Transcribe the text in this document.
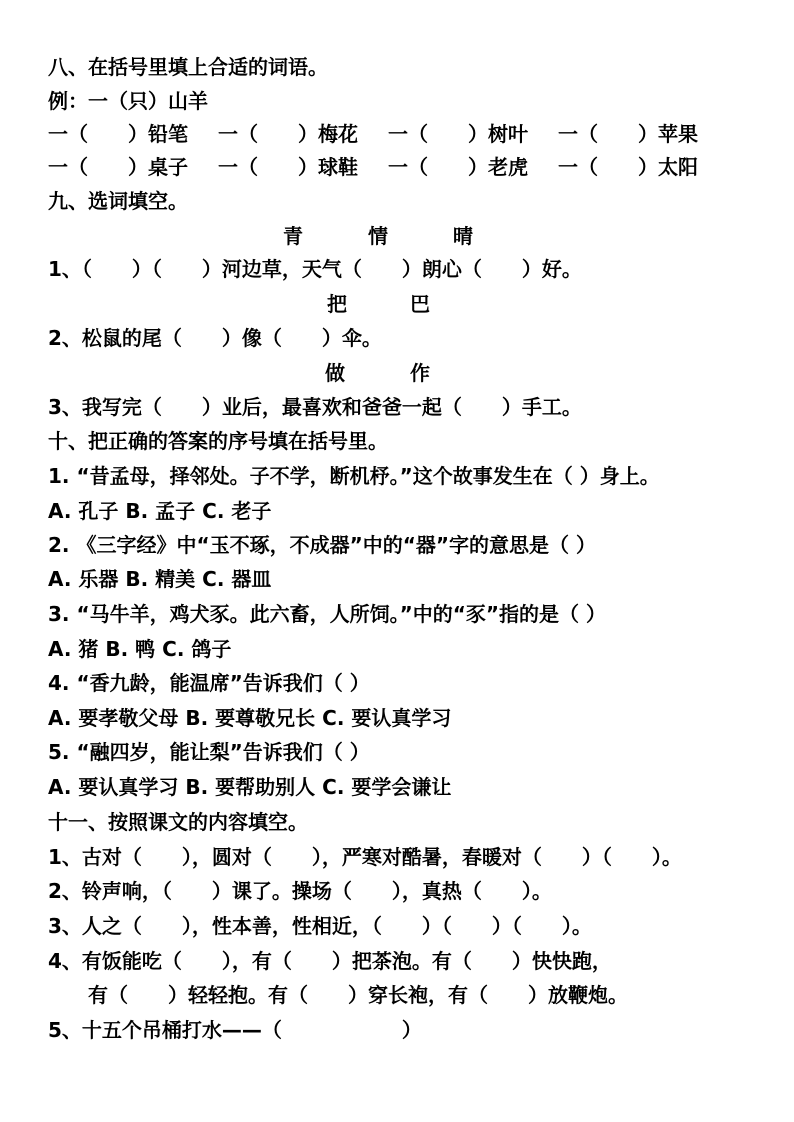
八、在括号里填上合适的词语。
例：一（只）山羊
一（　　）铅笔 一（　　）梅花 一（　　）树叶 一（　　）苹果
一（　　）桌子 一（　　）球鞋 一（　　）老虎 一（　　）太阳
九、选词填空。
青	情	晴
1、（　　）（　　）河边草，天气（　　）朗心（　　）好。
把	巴
2、松鼠的尾（　　）像（　　）伞。
做	作
3、我写完（　　）业后，最喜欢和爸爸一起（　　）手工。
十、把正确的答案的序号填在括号里。
1. “昔孟母，择邻处。子不学，断机杼。”这个故事发生在（ ）身上。
A. 孔子 B. 孟子 C. 老子
2. 《三字经》中“玉不琢，不成器”中的“器”字的意思是（ ）
A. 乐器 B. 精美 C. 器皿
3. “马牛羊，鸡犬豕。此六畜，人所饲。”中的“豕”指的是（ ）
A. 猪 B. 鸭 C. 鸽子
4. “香九龄，能温席”告诉我们（ ）
A. 要孝敬父母 B. 要尊敬兄长 C. 要认真学习
5. “融四岁，能让梨”告诉我们（ ）
A. 要认真学习 B. 要帮助别人 C. 要学会谦让
十一、按照课文的内容填空。
1、古对（　　），圆对（　　），严寒对酷暑，春暖对（　　）（　　）。
2、铃声响，（　　）课了。操场（　　），真热（　　）。
3、人之（　　），性本善，性相近，（　　）（　　）（　　）。
4、有饭能吃（　　），有（　　）把茶泡。有（　　）快快跑，
有（　　）轻轻抱。有（　　）穿长袍，有（　　）放鞭炮。
5、十五个吊桶打水——（　　　　　　）
